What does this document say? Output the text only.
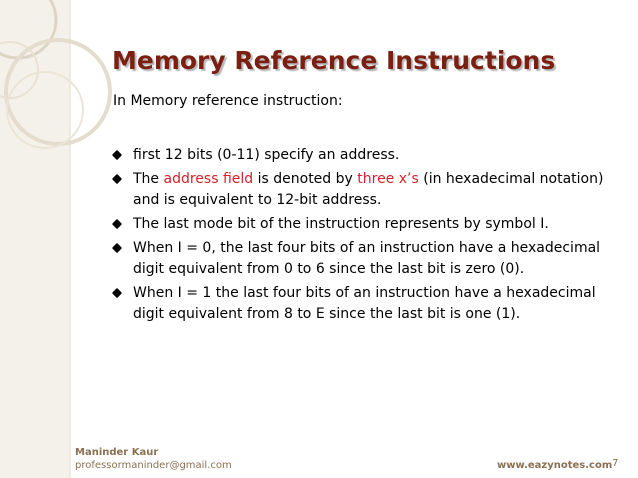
Memory Reference Instructions
In Memory reference instruction:
first 12 bits (0-11) specify an address.
The address field is denoted by three x’s (in hexadecimal notation) and is equivalent to 12-bit address.
The last mode bit of the instruction represents by symbol I.
When I = 0, the last four bits of an instruction have a hexadecimal digit equivalent from 0 to 6 since the last bit is zero (0).
When I = 1 the last four bits of an instruction have a hexadecimal digit equivalent from 8 to E since the last bit is one (1).
Maninder Kaur
professormaninder@gmail.com	www.eazynotes.com 7
